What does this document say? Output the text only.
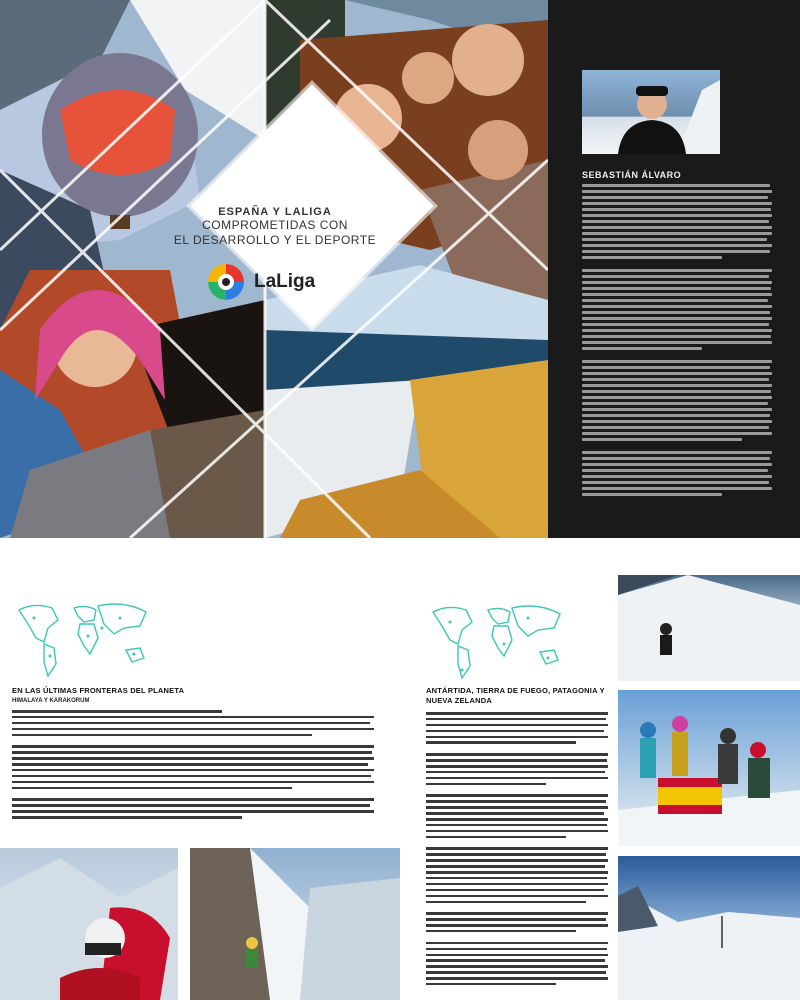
ESPAÑA Y LALIGA
COMPROMETIDAS CON
EL DESARROLLO Y EL DEPORTE
LaLiga
SEBASTIÁN ÁLVARO
EN LAS ÚLTIMAS FRONTERAS DEL PLANETA
HIMALAYA Y KARAKORUM
ANTÁRTIDA, TIERRA DE FUEGO, PATAGONIA Y
NUEVA ZELANDA
